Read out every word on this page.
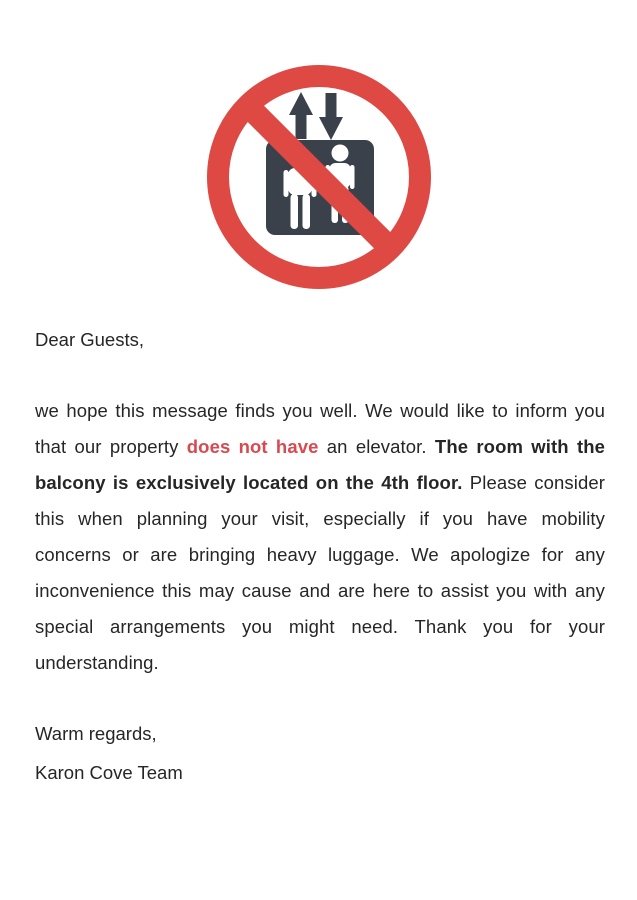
Dear Guests,

we hope this message finds you well. We would like to inform you that our property does not have an elevator. The room with the balcony is exclusively located on the 4th floor. Please consider this when planning your visit, especially if you have mobility concerns or are bringing heavy luggage. We apologize for any inconvenience this may cause and are here to assist you with any special arrangements you might need. Thank you for your understanding.

Warm regards,

Karon Cove Team
